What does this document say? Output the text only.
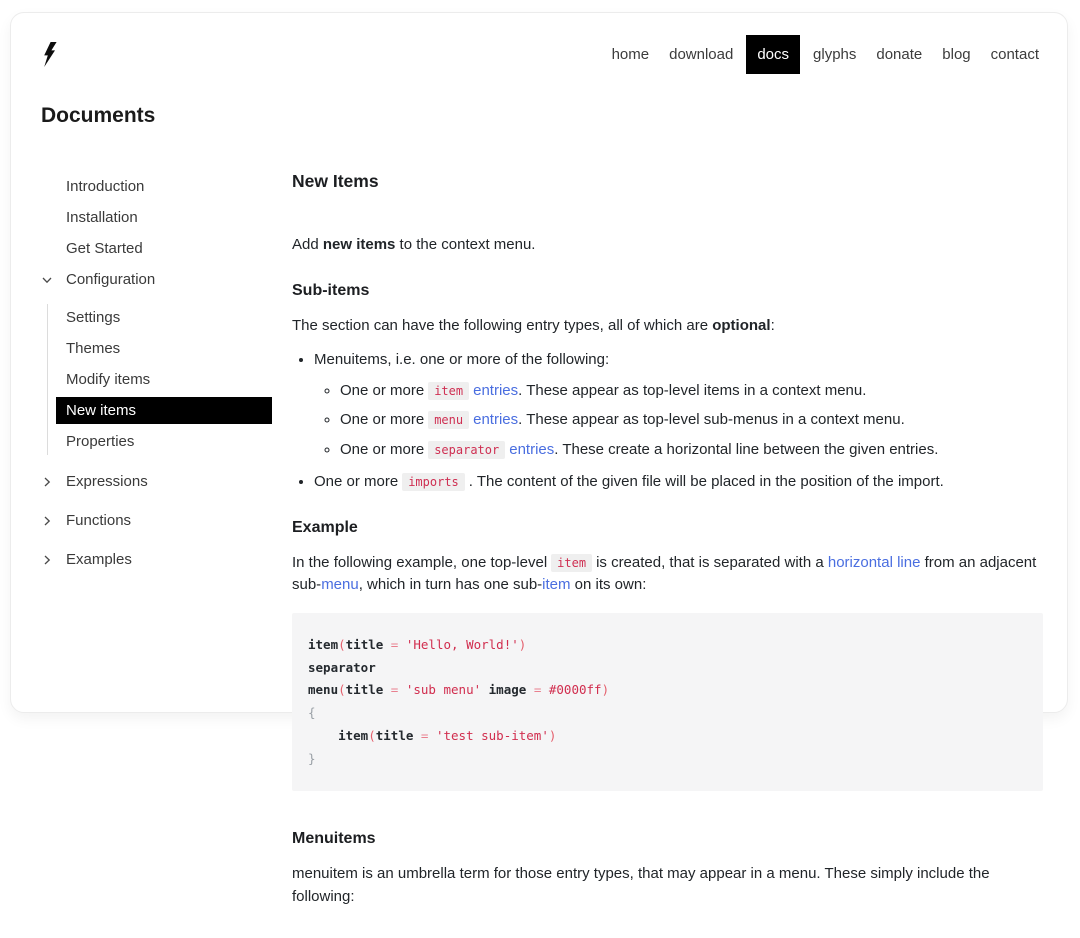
home	download	docs	glyphs	donate	blog	contact
Documents
Introduction
Installation
Get Started
Configuration
Settings
Themes
Modify items
New items
Properties
Expressions
Functions
Examples
New Items

Add new items to the context menu.

Sub-items

The section can have the following entry types, all of which are optional:

• Menuitems, i.e. one or more of the following:
◦ One or more item entries. These appear as top-level items in a context menu.
◦ One or more menu entries. These appear as top-level sub-menus in a context menu.
◦ One or more separator entries. These create a horizontal line between the given entries.
• One or more imports . The content of the given file will be placed in the position of the import.
Example

In the following example, one top-level item is created, that is separated with a horizontal line from an adjacent sub-menu, which in turn has one sub-item on its own:

item(title = 'Hello, World!')
separator
menu(title = 'sub menu' image = #0000ff)
{
item(title = 'test sub-item')
}
Menuitems

menuitem is an umbrella term for those entry types, that may appear in a menu. These simply include the following:
